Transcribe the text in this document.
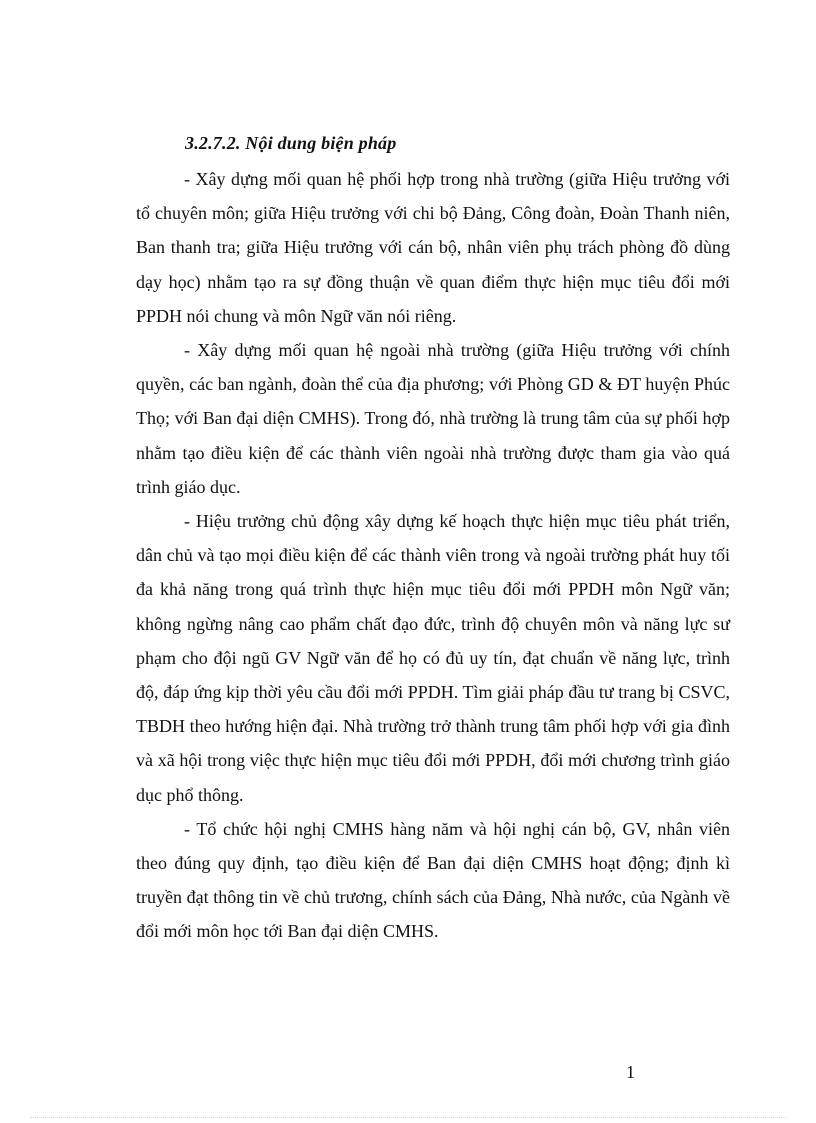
3.2.7.2. Nội dung biện pháp

- Xây dựng mối quan hệ phối hợp trong nhà trường (giữa Hiệu trưởng với tổ chuyên môn; giữa Hiệu trưởng với chi bộ Đảng, Công đoàn, Đoàn Thanh niên, Ban thanh tra; giữa Hiệu trưởng với cán bộ, nhân viên phụ trách phòng đồ dùng dạy học) nhằm tạo ra sự đồng thuận về quan điểm thực hiện mục tiêu đổi mới PPDH nói chung và môn Ngữ văn nói riêng.

- Xây dựng mối quan hệ ngoài nhà trường (giữa Hiệu trưởng với chính quyền, các ban ngành, đoàn thể của địa phương; với Phòng GD & ĐT huyện Phúc Thọ; với Ban đại diện CMHS). Trong đó, nhà trường là trung tâm của sự phối hợp nhằm tạo điều kiện để các thành viên ngoài nhà trường được tham gia vào quá trình giáo dục.

- Hiệu trưởng chủ động xây dựng kế hoạch thực hiện mục tiêu phát triển, dân chủ và tạo mọi điều kiện để các thành viên trong và ngoài trường phát huy tối đa khả năng trong quá trình thực hiện mục tiêu đổi mới PPDH môn Ngữ văn; không ngừng nâng cao phẩm chất đạo đức, trình độ chuyên môn và năng lực sư phạm cho đội ngũ GV Ngữ văn để họ có đủ uy tín, đạt chuẩn về năng lực, trình độ, đáp ứng kịp thời yêu cầu đổi mới PPDH. Tìm giải pháp đầu tư trang bị CSVC, TBDH theo hướng hiện đại. Nhà trường trở thành trung tâm phối hợp với gia đình và xã hội trong việc thực hiện mục tiêu đổi mới PPDH, đổi mới chương trình giáo dục phổ thông.

- Tổ chức hội nghị CMHS hàng năm và hội nghị cán bộ, GV, nhân viên theo đúng quy định, tạo điều kiện để Ban đại diện CMHS hoạt động; định kì truyền đạt thông tin về chủ trương, chính sách của Đảng, Nhà nước, của Ngành về đổi mới môn học tới Ban đại diện CMHS.

1
